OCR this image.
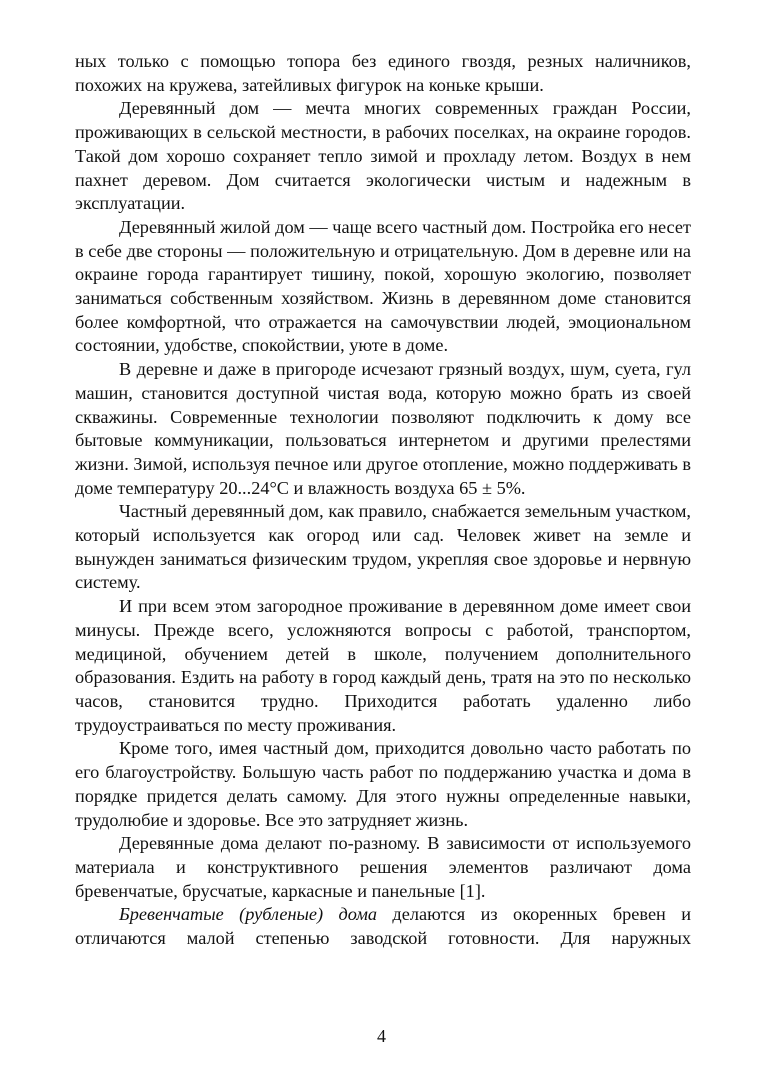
ных только с помощью топора без единого гвоздя, резных наличников, похожих на кружева, затейливых фигурок на коньке крыши.

Деревянный дом — мечта многих современных граждан России, проживающих в сельской местности, в рабочих поселках, на окраине городов. Такой дом хорошо сохраняет тепло зимой и прохладу летом. Воздух в нем пахнет деревом. Дом считается экологически чистым и надежным в эксплуатации.

Деревянный жилой дом — чаще всего частный дом. Постройка его несет в себе две стороны — положительную и отрицательную. Дом в деревне или на окраине города гарантирует тишину, покой, хорошую экологию, позволяет заниматься собственным хозяйством. Жизнь в деревянном доме становится более комфортной, что отражается на самочувствии людей, эмоциональном состоянии, удобстве, спокойствии, уюте в доме.

В деревне и даже в пригороде исчезают грязный воздух, шум, суета, гул машин, становится доступной чистая вода, которую можно брать из своей скважины. Современные технологии позволяют подключить к дому все бытовые коммуникации, пользоваться интернетом и другими прелестями жизни. Зимой, используя печное или другое отопление, можно поддерживать в доме температуру 20...24°С и влажность воздуха 65 ± 5%.

Частный деревянный дом, как правило, снабжается земельным участком, который используется как огород или сад. Человек живет на земле и вынужден заниматься физическим трудом, укрепляя свое здоровье и нервную систему.

И при всем этом загородное проживание в деревянном доме имеет свои минусы. Прежде всего, усложняются вопросы с работой, транспортом, медициной, обучением детей в школе, получением дополнительного образования. Ездить на работу в город каждый день, тратя на это по несколько часов, становится трудно. Приходится работать удаленно либо трудоустраиваться по месту проживания.

Кроме того, имея частный дом, приходится довольно часто работать по его благоустройству. Большую часть работ по поддержанию участка и дома в порядке придется делать самому. Для этого нужны определенные навыки, трудолюбие и здоровье. Все это затрудняет жизнь.

Деревянные дома делают по-разному. В зависимости от используемого материала и конструктивного решения элементов различают дома бревенчатые, брусчатые, каркасные и панельные [1].

Бревенчатые (рубленые) дома делаются из окоренных бревен и отличаются малой степенью заводской готовности. Для наружных

4
